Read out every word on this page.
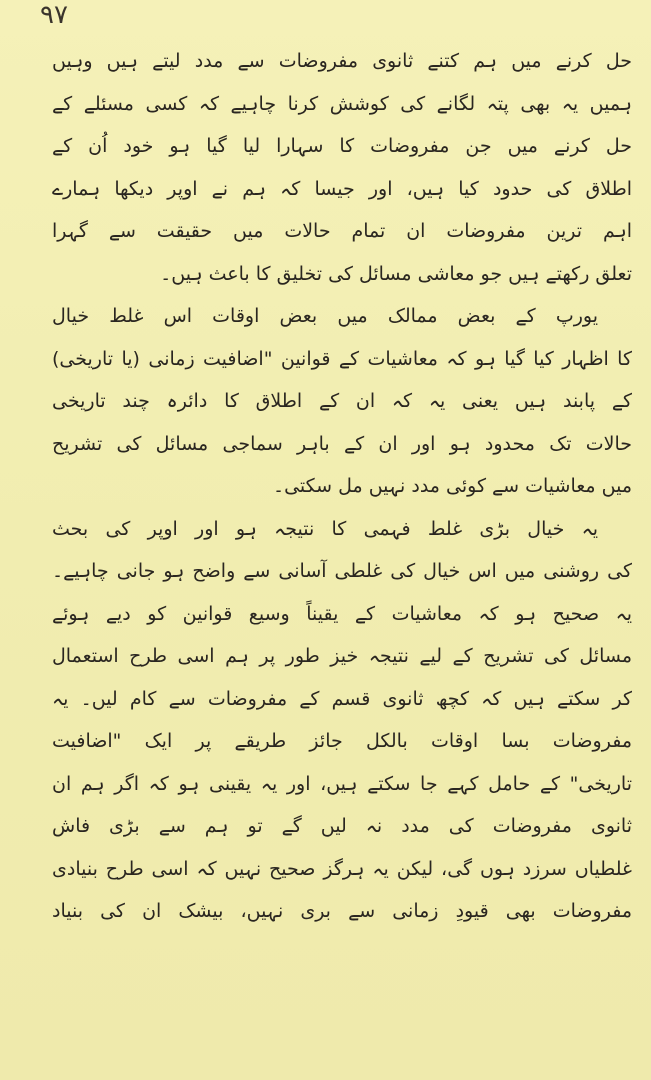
۹۷
حل کرنے میں ہم کتنے ثانوی مفروضات سے مدد لیتے ہیں وہیں
ہمیں یہ بھی پتہ لگانے کی کوشش کرنا چاہیے کہ کسی مسئلے کے
حل کرنے میں جن مفروضات کا سہارا لیا گیا ہو خود اُن کے
اطلاق کی حدود کیا ہیں، اور جیسا کہ ہم نے اوپر دیکھا ہمارے
اہم ترین مفروضات ان تمام حالات میں حقیقت سے گہرا
تعلق رکھتے ہیں جو معاشی مسائل کی تخلیق کا باعث ہیں۔
یورپ کے بعض ممالک میں بعض اوقات اس غلط خیال
کا اظہار کیا گیا ہو کہ معاشیات کے قوانین "اضافیت زمانی (یا تاریخی)
کے پابند ہیں یعنی یہ کہ ان کے اطلاق کا دائرہ چند تاریخی
حالات تک محدود ہو اور ان کے باہر سماجی مسائل کی تشریح
میں معاشیات سے کوئی مدد نہیں مل سکتی۔
یہ خیال بڑی غلط فہمی کا نتیجہ ہو اور اوپر کی بحث
کی روشنی میں اس خیال کی غلطی آسانی سے واضح ہو جانی چاہیے۔
یہ صحیح ہو کہ معاشیات کے یقیناً وسیع قوانین کو دیے ہوئے
مسائل کی تشریح کے لیے نتیجہ خیز طور پر ہم اسی طرح استعمال
کر سکتے ہیں کہ کچھ ثانوی قسم کے مفروضات سے کام لیں۔ یہ
مفروضات بسا اوقات بالکل جائز طریقے پر ایک "اضافیت
تاریخی" کے حامل کہے جا سکتے ہیں، اور یہ یقینی ہو کہ اگر ہم ان
ثانوی مفروضات کی مدد نہ لیں گے تو ہم سے بڑی فاش
غلطیاں سرزد ہوں گی، لیکن یہ ہرگز صحیح نہیں کہ اسی طرح بنیادی
مفروضات بھی قیودِ زمانی سے بری نہیں، بیشک ان کی بنیاد
